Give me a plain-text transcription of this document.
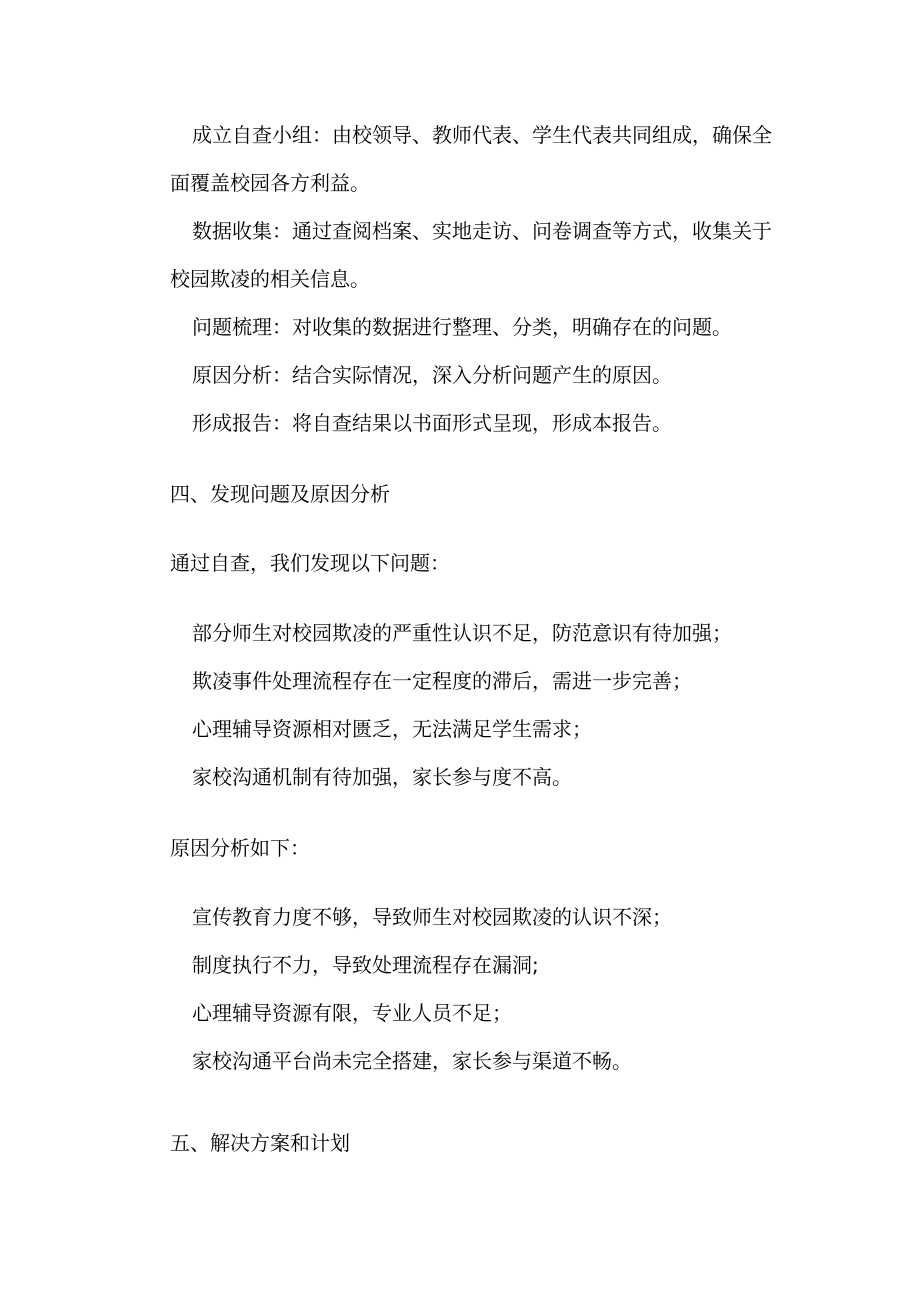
成立自查小组：由校领导、教师代表、学生代表共同组成，确保全
面覆盖校园各方利益。
数据收集：通过查阅档案、实地走访、问卷调查等方式，收集关于
校园欺凌的相关信息。
问题梳理：对收集的数据进行整理、分类，明确存在的问题。
原因分析：结合实际情况，深入分析问题产生的原因。
形成报告：将自查结果以书面形式呈现，形成本报告。
四、发现问题及原因分析
通过自查，我们发现以下问题：
部分师生对校园欺凌的严重性认识不足，防范意识有待加强；
欺凌事件处理流程存在一定程度的滞后，需进一步完善；
心理辅导资源相对匮乏，无法满足学生需求；
家校沟通机制有待加强，家长参与度不高。
原因分析如下：
宣传教育力度不够，导致师生对校园欺凌的认识不深；
制度执行不力，导致处理流程存在漏洞;
心理辅导资源有限，专业人员不足；
家校沟通平台尚未完全搭建，家长参与渠道不畅。
五、解决方案和计划
